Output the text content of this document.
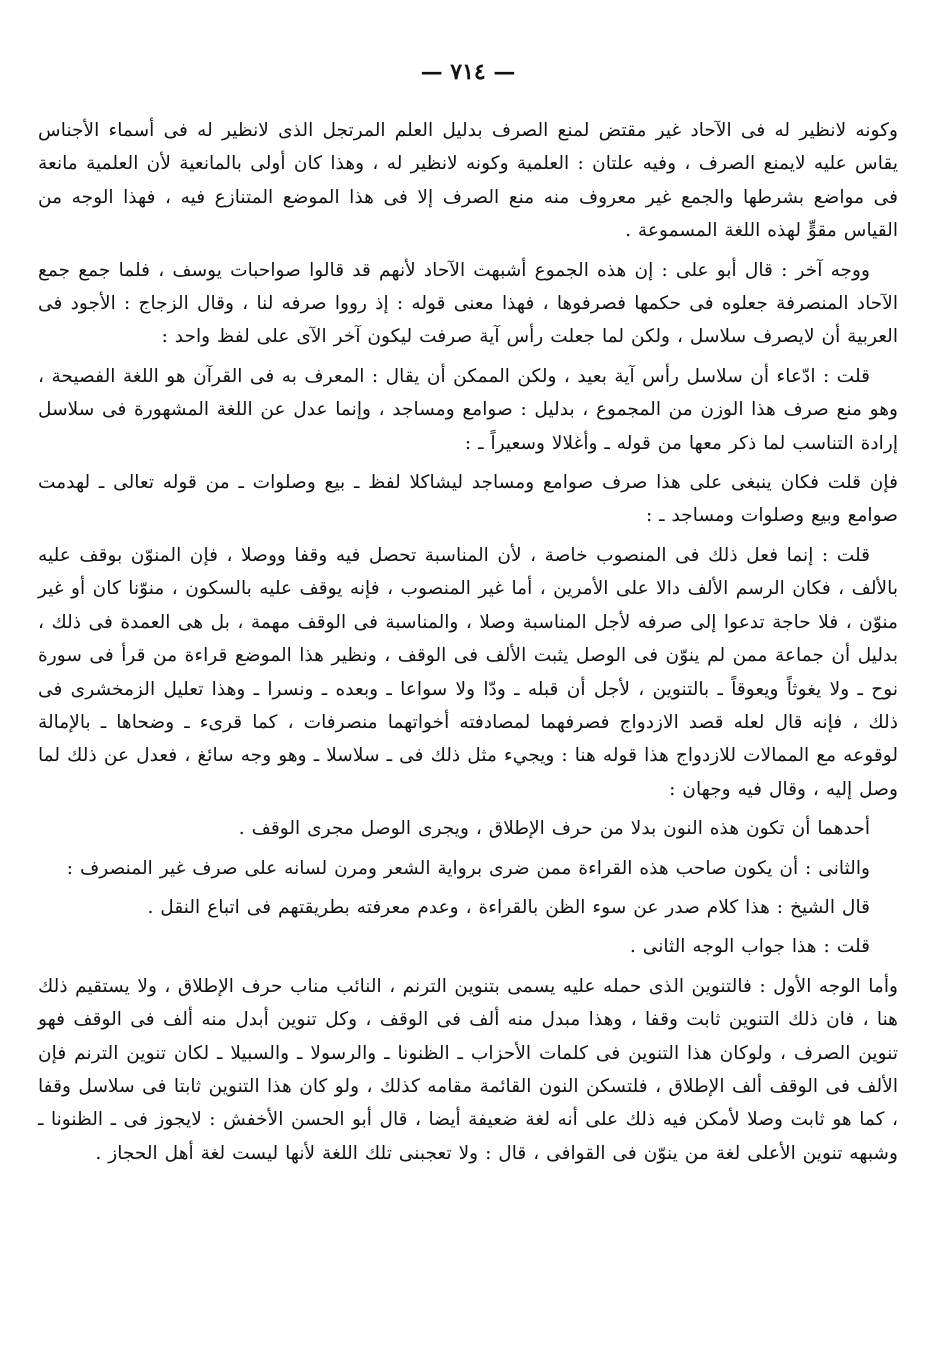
— ٧١٤ —

وكونه لانظير له فى الآحاد غير مقتض لمنع الصرف بدليل العلم المرتجل الذى لانظير له فى أسماء الأجناس يقاس عليه لايمنع الصرف ، وفيه علتان : العلمية وكونه لانظير له ، وهذا كان أولى بالمانعية لأن العلمية مانعة فى مواضع بشرطها والجمع غير معروف منه منع الصرف إلا فى هذا الموضع المتنازع فيه ، فهذا الوجه من القياس مقوٍّ لهذه اللغة المسموعة .

ووجه آخر : قال أبو على : إن هذه الجموع أشبهت الآحاد لأنهم قد قالوا صواحبات يوسف ، فلما جمع جمع الآحاد المنصرفة جعلوه فى حكمها فصرفوها ، فهذا معنى قوله : إذ رووا صرفه لنا ، وقال الزجاج : الأجود فى العربية أن لايصرف سلاسل ، ولكن لما جعلت رأس آية صرفت ليكون آخر الآى على لفظ واحد :

قلت : ادّعاء أن سلاسل رأس آية بعيد ، ولكن الممكن أن يقال : المعرف به فى القرآن هو اللغة الفصيحة ، وهو منع صرف هذا الوزن من المجموع ، بدليل : صوامع ومساجد ، وإنما عدل عن اللغة المشهورة فى سلاسل إرادة التناسب لما ذكر معها من قوله ـ وأغلالا وسعيراً ـ :

فإن قلت فكان ينبغى على هذا صرف صوامع ومساجد ليشاكلا لفظ ـ بيع وصلوات ـ من قوله تعالى ـ لهدمت صوامع وبيع وصلوات ومساجد ـ :

قلت : إنما فعل ذلك فى المنصوب خاصة ، لأن المناسبة تحصل فيه وقفا ووصلا ، فإن المنوّن بوقف عليه بالألف ، فكان الرسم الألف دالا على الأمرين ، أما غير المنصوب ، فإنه يوقف عليه بالسكون ، منوّنا كان أو غير منوّن ، فلا حاجة تدعوا إلى صرفه لأجل المناسبة وصلا ، والمناسبة فى الوقف مهمة ، بل هى العمدة فى ذلك ، بدليل أن جماعة ممن لم ينوّن فى الوصل يثبت الألف فى الوقف ، ونظير هذا الموضع قراءة من قرأ فى سورة نوح ـ ولا يغوثاً ويعوقاً ـ بالتنوين ، لأجل أن قبله ـ ودّا ولا سواعا ـ وبعده ـ ونسرا ـ وهذا تعليل الزمخشرى فى ذلك ، فإنه قال لعله قصد الازدواج فصرفهما لمصادفته أخواتهما منصرفات ، كما قرىء ـ وضحاها ـ بالإمالة لوقوعه مع الممالات للازدواج هذا قوله هنا : ويجيء مثل ذلك فى ـ سلاسلا ـ وهو وجه سائغ ، فعدل عن ذلك لما وصل إليه ، وقال فيه وجهان :

أحدهما أن تكون هذه النون بدلا من حرف الإطلاق ، ويجرى الوصل مجرى الوقف .

والثانى : أن يكون صاحب هذه القراءة ممن ضرى برواية الشعر ومرن لسانه على صرف غير المنصرف :

قال الشيخ : هذا كلام صدر عن سوء الظن بالقراءة ، وعدم معرفته بطريقتهم فى اتباع النقل .

قلت : هذا جواب الوجه الثانى .

وأما الوجه الأول : فالتنوين الذى حمله عليه يسمى بتنوين الترنم ، النائب مناب حرف الإطلاق ، ولا يستقيم ذلك هنا ، فان ذلك التنوين ثابت وقفا ، وهذا مبدل منه ألف فى الوقف ، وكل تنوين أبدل منه ألف فى الوقف فهو تنوين الصرف ، ولوكان هذا التنوين فى كلمات الأحزاب ـ الظنونا ـ والرسولا ـ والسبيلا ـ لكان تنوين الترنم فإن الألف فى الوقف ألف الإطلاق ، فلتسكن النون القائمة مقامه كذلك ، ولو كان هذا التنوين ثابتا فى سلاسل وقفا ، كما هو ثابت وصلا لأمكن فيه ذلك على أنه لغة ضعيفة أيضا ، قال أبو الحسن الأخفش : لايجوز فى ـ الظنونا ـ وشبهه تنوين الأعلى لغة من ينوّن فى القوافى ، قال : ولا تعجبنى تلك اللغة لأنها ليست لغة أهل الحجاز .
